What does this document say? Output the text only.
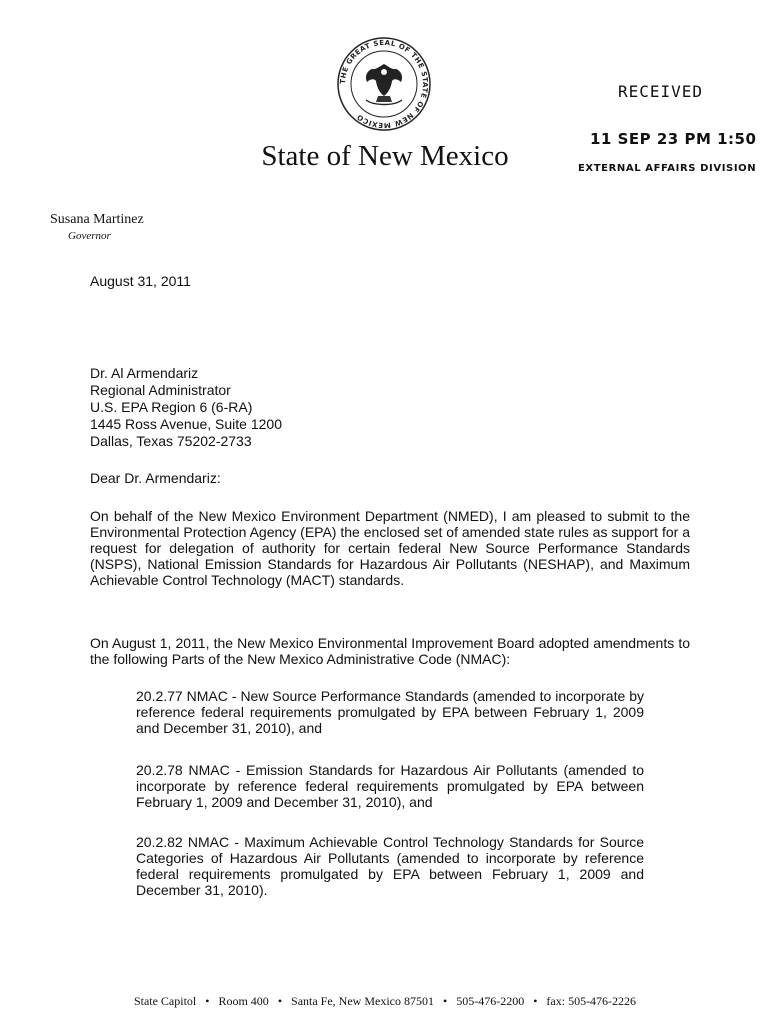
THE GREAT SEAL OF THE STATE OF NEW MEXICO
State of New Mexico
RECEIVED
11 SEP 23 PM 1:50
EXTERNAL AFFAIRS DIVISION
Susana Martinez
Governor
August 31, 2011
Dr. Al Armendariz
Regional Administrator
U.S. EPA Region 6 (6-RA)
1445 Ross Avenue, Suite 1200
Dallas, Texas 75202-2733
Dear Dr. Armendariz:
On behalf of the New Mexico Environment Department (NMED), I am pleased to submit to the Environmental Protection Agency (EPA) the enclosed set of amended state rules as support for a request for delegation of authority for certain federal New Source Performance Standards (NSPS), National Emission Standards for Hazardous Air Pollutants (NESHAP), and Maximum Achievable Control Technology (MACT) standards.
On August 1, 2011, the New Mexico Environmental Improvement Board adopted amendments to the following Parts of the New Mexico Administrative Code (NMAC):
20.2.77 NMAC - New Source Performance Standards (amended to incorporate by reference federal requirements promulgated by EPA between February 1, 2009 and December 31, 2010), and
20.2.78 NMAC - Emission Standards for Hazardous Air Pollutants (amended to incorporate by reference federal requirements promulgated by EPA between February 1, 2009 and December 31, 2010), and
20.2.82 NMAC - Maximum Achievable Control Technology Standards for Source Categories of Hazardous Air Pollutants (amended to incorporate by reference federal requirements promulgated by EPA between February 1, 2009 and December 31, 2010).
State Capitol • Room 400 • Santa Fe, New Mexico 87501 • 505-476-2200 • fax: 505-476-2226
